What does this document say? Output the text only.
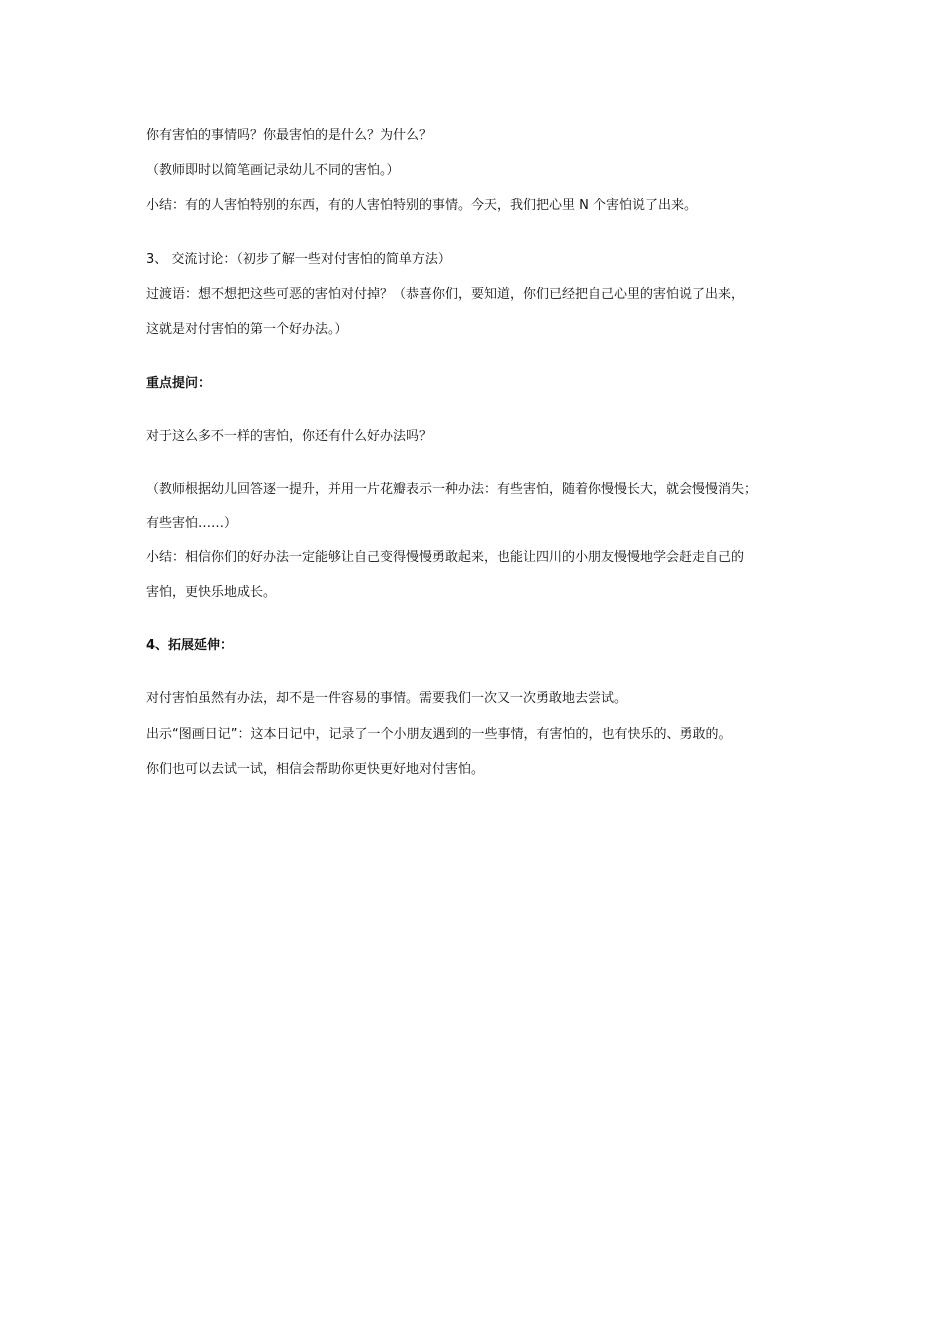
你有害怕的事情吗？你最害怕的是什么？为什么？
（教师即时以简笔画记录幼儿不同的害怕。）
小结：有的人害怕特别的东西，有的人害怕特别的事情。今天，我们把心里 N 个害怕说了出来。
3、 交流讨论：（初步了解一些对付害怕的简单方法）
过渡语：想不想把这些可恶的害怕对付掉？（恭喜你们，要知道，你们已经把自己心里的害怕说了出来，
这就是对付害怕的第一个好办法。）
重点提问：
对于这么多不一样的害怕，你还有什么好办法吗？
（教师根据幼儿回答逐一提升，并用一片花瓣表示一种办法：有些害怕，随着你慢慢长大，就会慢慢消失；
有些害怕……）
小结：相信你们的好办法一定能够让自己变得慢慢勇敢起来，也能让四川的小朋友慢慢地学会赶走自己的
害怕，更快乐地成长。
4、拓展延伸：
对付害怕虽然有办法，却不是一件容易的事情。需要我们一次又一次勇敢地去尝试。
出示“图画日记”：这本日记中，记录了一个小朋友遇到的一些事情，有害怕的，也有快乐的、勇敢的。
你们也可以去试一试，相信会帮助你更快更好地对付害怕。
